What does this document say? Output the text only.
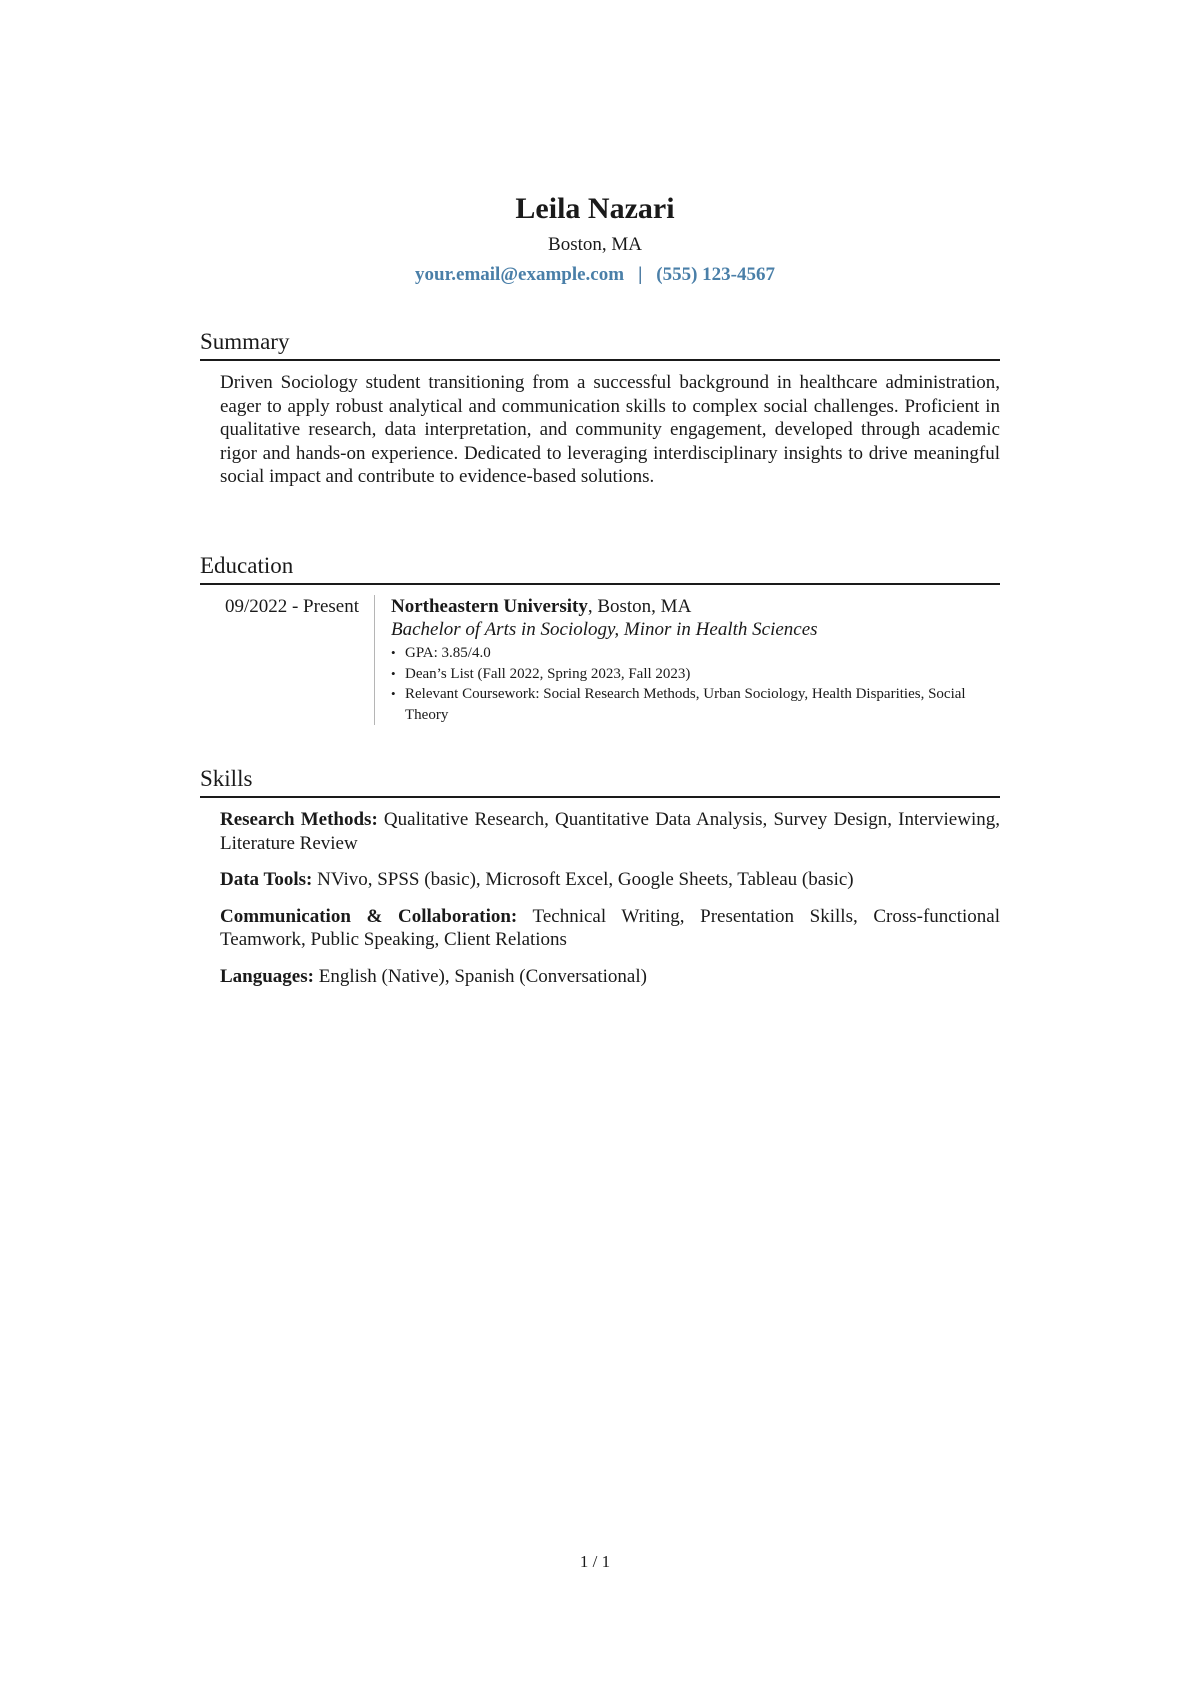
Leila Nazari
Boston, MA
your.email@example.com | (555) 123-4567
Summary

Driven Sociology student transitioning from a successful background in healthcare administration, eager to apply robust analytical and communication skills to complex social challenges. Proficient in qualitative research, data interpretation, and community engagement, developed through academic rigor and hands-on experience. Dedicated to leveraging interdisciplinary insights to drive meaningful social impact and contribute to evidence-based solutions.

Education
09/2022 - Present	Northeastern University, Boston, MA
Bachelor of Arts in Sociology, Minor in Health Sciences
• GPA: 3.85/4.0
• Dean’s List (Fall 2022, Spring 2023, Fall 2023)
• Relevant Coursework: Social Research Methods, Urban Sociology, Health Disparities, Social Theory
Skills

Research Methods: Qualitative Research, Quantitative Data Analysis, Survey Design, Interviewing, Literature Review

Data Tools: NVivo, SPSS (basic), Microsoft Excel, Google Sheets, Tableau (basic)

Communication & Collaboration: Technical Writing, Presentation Skills, Cross-functional Teamwork, Public Speaking, Client Relations

Languages: English (Native), Spanish (Conversational)

1 / 1
